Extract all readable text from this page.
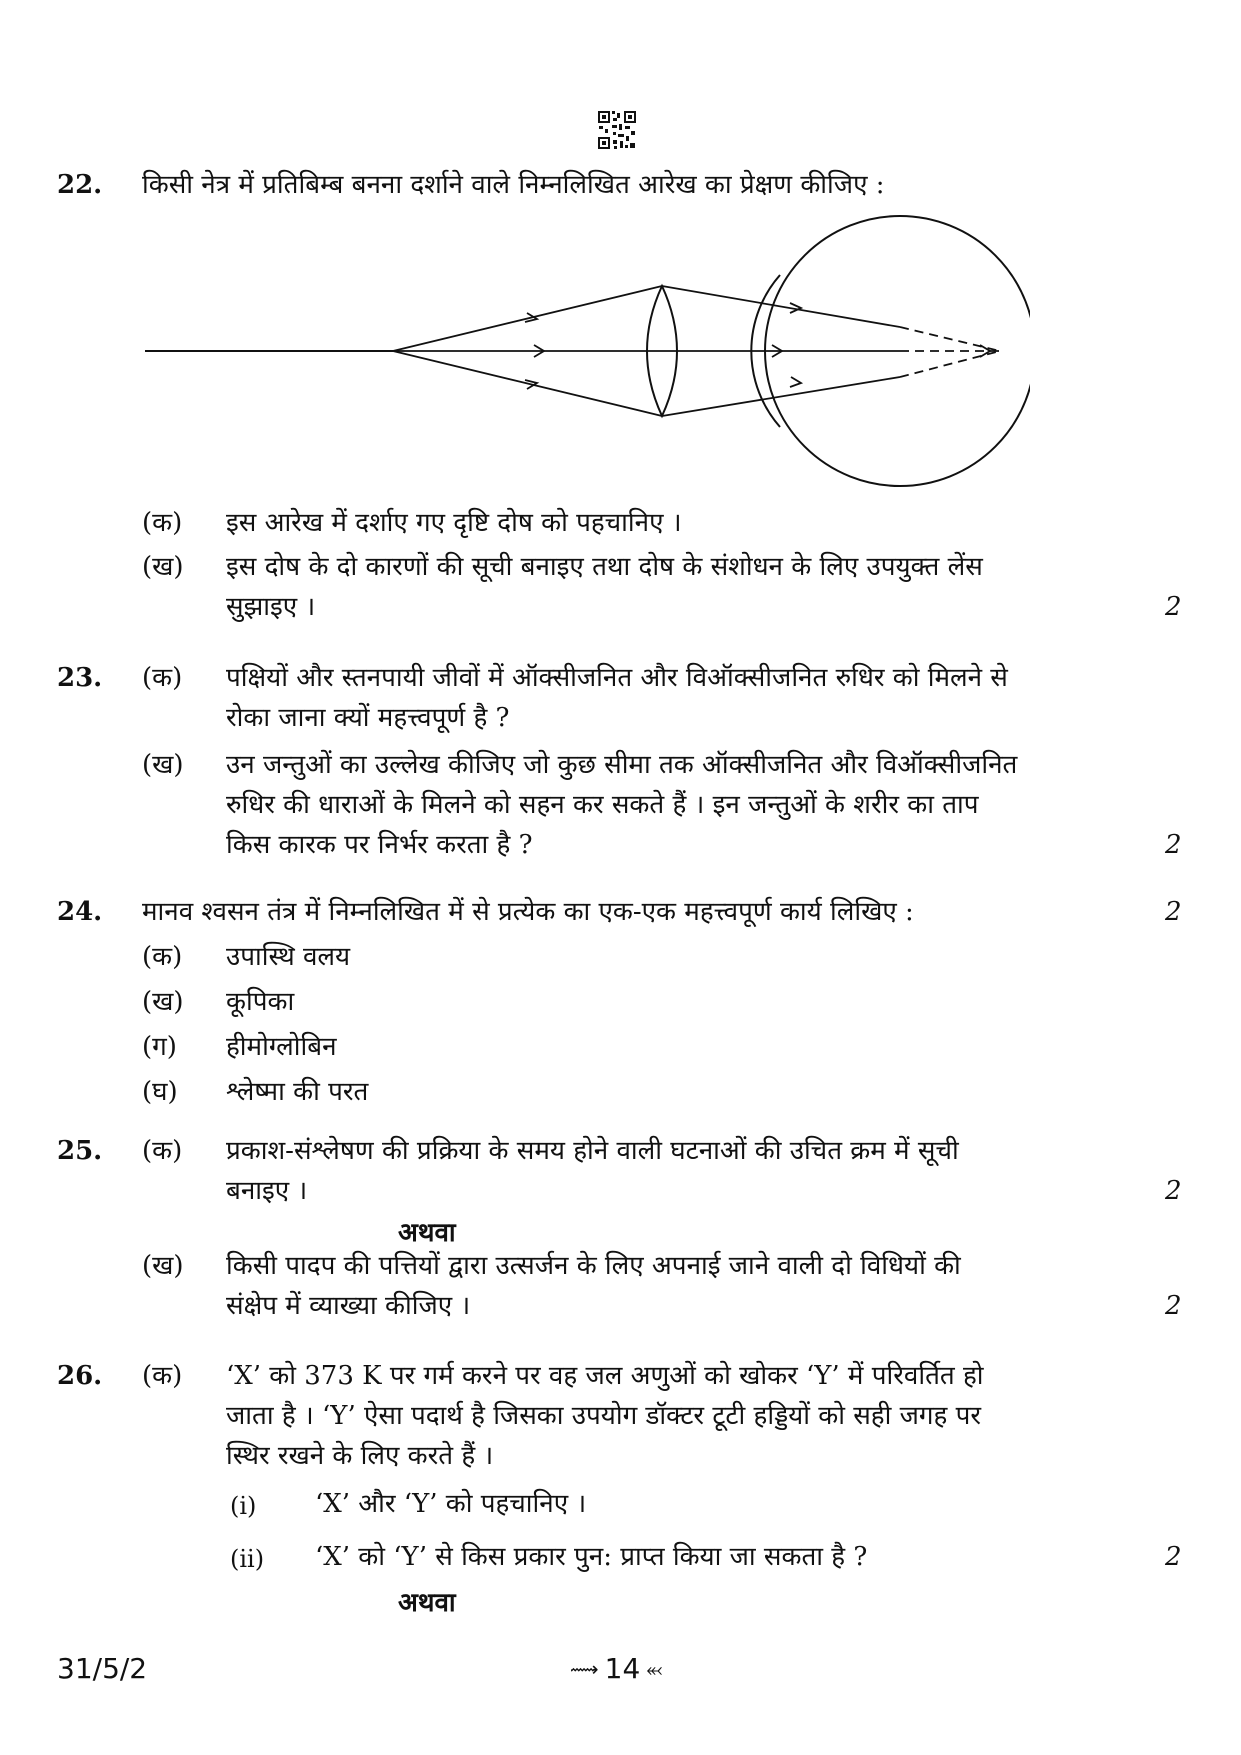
22. किसी नेत्र में प्रतिबिम्ब बनना दर्शाने वाले निम्नलिखित आरेख का प्रेक्षण कीजिए :
(क) इस आरेख में दर्शाए गए दृष्टि दोष को पहचानिए ।
(ख) इस दोष के दो कारणों की सूची बनाइए तथा दोष के संशोधन के लिए उपयुक्त लेंस
सुझाइए ।	2
23. (क) पक्षियों और स्तनपायी जीवों में ऑक्सीजनित और विऑक्सीजनित रुधिर को मिलने से
रोका जाना क्यों महत्त्वपूर्ण है ?
(ख) उन जन्तुओं का उल्लेख कीजिए जो कुछ सीमा तक ऑक्सीजनित और विऑक्सीजनित
रुधिर की धाराओं के मिलने को सहन कर सकते हैं । इन जन्तुओं के शरीर का ताप
किस कारक पर निर्भर करता है ?	2
24. मानव श्वसन तंत्र में निम्नलिखित में से प्रत्येक का एक-एक महत्त्वपूर्ण कार्य लिखिए :	2
(क) उपास्थि वलय
(ख) कूपिका
(ग) हीमोग्लोबिन
(घ) श्लेष्मा की परत
25. (क) प्रकाश-संश्लेषण की प्रक्रिया के समय होने वाली घटनाओं की उचित क्रम में सूची
बनाइए ।	2
अथवा
(ख) किसी पादप की पत्तियों द्वारा उत्सर्जन के लिए अपनाई जाने वाली दो विधियों की
संक्षेप में व्याख्या कीजिए ।	2
26. (क) ‘X’ को 373 K पर गर्म करने पर वह जल अणुओं को खोकर ‘Y’ में परिवर्तित हो
जाता है । ‘Y’ ऐसा पदार्थ है जिसका उपयोग डॉक्टर टूटी हड्डियों को सही जगह पर
स्थिर रखने के लिए करते हैं ।
(i) ‘X’ और ‘Y’ को पहचानिए ।
(ii) ‘X’ को ‘Y’ से किस प्रकार पुन: प्राप्त किया जा सकता है ?	2
अथवा
31/5/2	⟿ 14 ⬻
